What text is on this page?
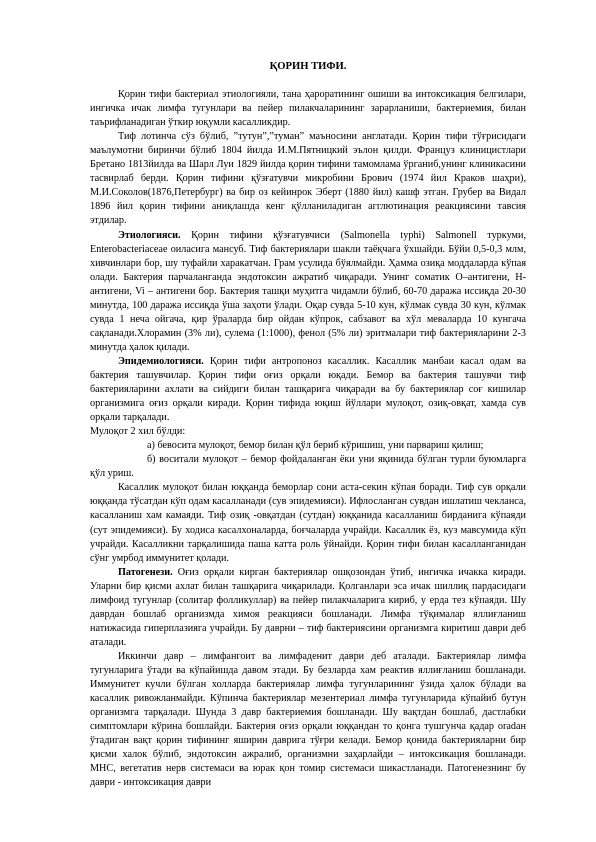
ҚОРИН ТИФИ.

Қорин тифи бактериал этиологияли, тана ҳароратининг ошиши ва интоксикация белгилари, ингичка ичак лимфа тугунлари ва пейер пилакчаларининг зарарланиши, бактериемия, билан таърифланадиган ўткир юқумли касалликдир.

Тиф лотинча сўз бўлиб, ”тутун”,”туман” маъносини англатади. Қорин тифи тўғрисидаги маълумотни биринчи бўлиб 1804 йилда И.М.Пятницкий эълон қилди. Француз клиницистлари Бретано 1813йилда ва Шарл Луи 1829 йилда қорин тифини тамомлама ўрганиб,унинг клиникасини тасвирлаб берди. Қорин тифини қўзғатувчи микробини Брович (1974 йил Краков шаҳри), М.И.Соколов(1876,Петербург) ва бир оз кейинрок Эберт (1880 йил) кашф этган. Грубер ва Видал 1896 йил қорин тифини аниқлашда кенг қўлланиладиган агглютинация реакциясини тавсия этдилар.

Этиологияси. Қорин тифини қўзғатувчиси (Salmonella typhi) Salmonell туркуми, Enterobacteriaceae оиласига мансуб. Тиф бактериялари шакли таёқчага ўхшайди. Бўйи 0,5-0,3 млм, хивчинлари бор, шу туфайли харакатчан. Грам усулида бўялмайди. Ҳамма озиқа моддаларда кўпая олади. Бактерия парчаланганда эндотоксин ажратиб чиқаради. Унинг соматик О–антигени, Н-антигени, Vi – антигени бор. Бактерия ташқи муҳитга чидамли бўлиб, 60-70 даража иссиқда 20-30 минутда, 100 даража иссиқда ўша заҳоти ўлади. Оқар сувда 5-10 кун, кўлмак сувда 30 кун, кўлмак сувда 1 неча ойгача, қир ўраларда бир ойдан кўпрок, сабзавот ва хўл меваларда 10 кунгача сақланади.Хлорамин (3% ли), сулема (1:1000), фенол (5% ли) эритмалари тиф бактерияларини 2-3 минутда ҳалок қилади.

Эпидемиологияси. Қорин тифи антропоноз касаллик. Касаллик манбаи касал одам ва бактерия ташувчилар. Қорин тифи оғиз орқали юқади. Бемор ва бактерия ташувчи тиф бактерияларини ахлати ва сийдиги билан ташқарига чиқаради ва бу бактериялар соғ кишилар организмига оғиз орқали киради. Қорин тифида юқиш йўллари мулоқот, озиқ-овқат, хамда сув орқали тарқалади.

Мулоқот 2 хил бўлди:

а) бевосита мулоқот, бемор билан қўл бериб кўришиш, уни парвариш қилиш;

б) воситали мулоқот – бемор фойдаланган ёки уни яқинида бўлган турли буюмларга қўл уриш.

Касаллик мулоқот билан юққанда беморлар сони аста-секин кўпая боради. Тиф сув орқали юққанда тўсатдан кўп одам касалланади (сув эпидемияси). Ифлосланган сувдан ишлатиш чекланса, касалланиш хам камаяди. Тиф озиқ -овқатдан (сутдан) юққанида касалланиш бирданига кўпаяди (сут эпидемияси). Бу ходиса касалхоналарда, боғчаларда учрайди. Касаллик ёз, куз мавсумида кўп учрайди. Касалликни тарқалишида паша катта роль ўйнайди. Қорин тифи билан касалланганидан сўнг умрбод иммунитет қолади.

Патогенези. Оғиз орқали кирган бактериялар ошқозондан ўтиб, ингичка ичакка киради. Уларни бир қисми ахлат билан ташқарига чиқарилади. Қолганлари эса ичак шиллиқ пардасидаги лимфоид тугунлар (солитар фолликуллар) ва пейер пилакчаларига кириб, у ерда тез кўпаяди. Шу даврдан бошлаб организмда химоя реакцияси бошланади. Лимфа тўқималар яллиғланиш натижасида гиперплазияга учрайди. Бу даврни – тиф бактериясини организмга киритиш даври деб аталади.

Иккинчи давр – лимфангоит ва лимфаденит даври деб аталади. Бактериялар лимфа тугунларига ўтади ва кўпайишда давом этади. Бу безларда хам реактив яллиғланиш бошланади. Иммунитет кучли бўлган холларда бактериялар лимфа тугунларининг ўзида ҳалок бўлади ва касаллик ривожланмайди. Кўпинча бактериялар мезентериал лимфа тугунларида кўпайиб бутун организмга тарқалади. Шунда 3 давр бактериемия бошланади. Шу вақтдан бошлаб, дастлабки симптомлари кўрина бошлайди. Бактерия оғиз орқали юққандан то қонга тушгунча қадар оradан ўтадиган вақт қорин тифининг яширин даврига тўғри келади. Бемор қонида бактерияларни бир қисми халок бўлиб, эндотоксин ажралиб, организмни заҳарлайди – интоксикация бошланади. МНС, вегетатив нерв системаси ва юрак қон томир системаси шикастланади. Патогенезнинг бу даври - интоксикация даври
